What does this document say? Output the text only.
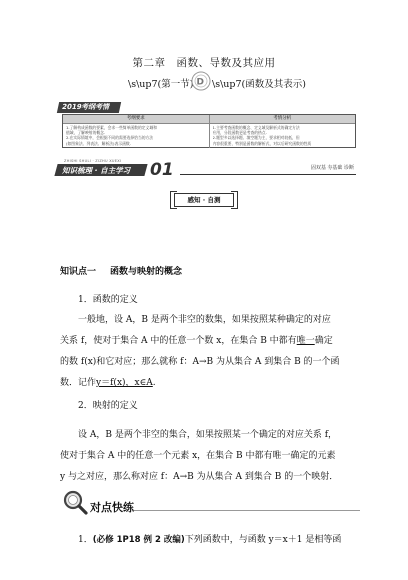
第二章　函数、导数及其应用
\s\up7(第一节) D \s\up7(函数及其表示)
2019考纲考情
考纲要求	考情分析
1.了解构成函数的要素，会求一些简单函数的定义域和
值域，了解映射的概念.
2.在实际情境中，会根据不同的需要选择恰当的方法
(如图象法、列表法、解析法)表示函数.
1.主要考查函数的概念、定义域及解析式的确定方法
应用，分段函数更是考查的热点.
2.题型多以选择题、填空题为主，要求相对较低，但
内容很重要，特别是函数的解析式，对以后研究函数的性质
ZHISHI SHULI · ZIZHU XUEXI
知识梳理 · 自主学习 01	固双基 夯基础 诊断
感知 · 自测
知识点一 函数与映射的概念
1．函数的定义
一般地，设 A，B 是两个非空的数集，如果按照某种确定的对应
关系 f，使对于集合 A 中的任意一个数 x，在集合 B 中都有唯一确定
的数 f(x)和它对应；那么就称 f：A→B 为从集合 A 到集合 B 的一个函
数．记作y＝f(x)，x∈A.
2．映射的定义
设 A，B 是两个非空的集合，如果按照某一个确定的对应关系 f，
使对于集合 A 中的任意一个元素 x，在集合 B 中都有唯一确定的元素
y 与之对应，那么称对应 f：A→B 为从集合 A 到集合 B 的一个映射．
对点快练
1．(必修 1P18 例 2 改编)下列函数中，与函数 y＝x＋1 是相等函
